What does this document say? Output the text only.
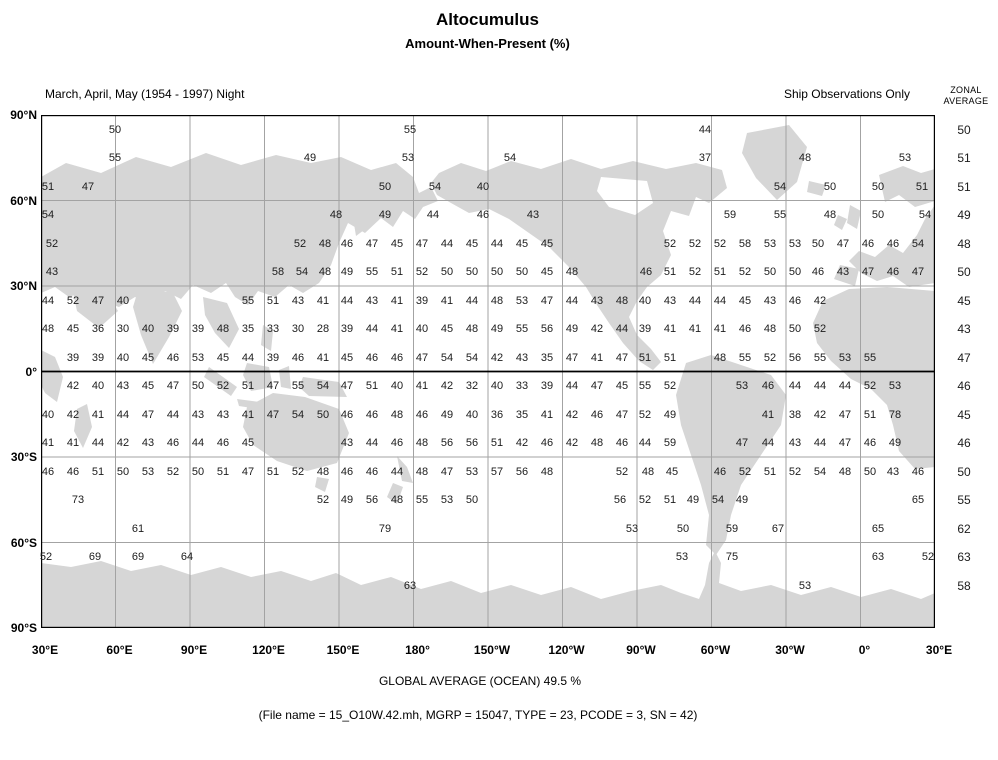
Altocumulus
Amount-When-Present (%)
March, April, May (1954 - 1997) Night	Ship Observations Only	ZONAL
AVERAGE
50	55	44
55	49	53	54	37	48	53
51	47	50	54	40	54	50	50	51
54	48	49	44	46	43	59	55	48	50	54
52	52 48 46 47 45 47 44 45 44 45 45	52 52 52 58 53 53 50 47 46 46 54
43	58 54 48 49 55 51 52 50 50 50 50 45 48	46 51 52 51 52 50 50 46 43 47 46 47
44 52 47 40	55 51 43 41 44 43 41 39 41 44 48 53 47 44 43 48 40 43 44 44 45 43 46 42
48 45 36 30 40 39 39 48 35 33 30 28 39 44 41 40 45 48 49 55 56 49 42 44 39 41 41 41 46 48 50 52
39 39 40 45 46 53 45 44 39 46 41 45 46 46 47 54 54 42 43 35 47 41 47 51 51	48 55 52 56 55 53 55
42 40 43 45 47 50 52 51 47 55 54 47 51 40 41 42 32 40 33 39 44 47 45 55 52	53 46 44 44 44 52 53
40 42 41 44 47 44 43 43 41 47 54 50 46 46 48 46 49 40 36 35 41 42 46 47 52 49	41 38 42 47 51 78
41 41 44 42 43 46 44 46 45	43 44 46 48 56 56 51 42 46 42 48 46 44 59	47 44 43 44 47 46 49
46 46 51 50 53 52 50 51 47 51 52 48 46 46 44 48 47 53 57 56 48	52 48 45	46 52 51 52 54 48 50 43 46
73	52 49 56 48 55 53 50	56 52 51 49 54 49	65
61	79	53	50	59	67	65
52	69	69	64	53	75	63	52
63	53
50
51
51
49
48
50
45
43
47
46
45
46
50
55
62
63
58
90°N
60°N
30°N
0°
30°S
60°S
90°S
30°E	60°E	90°E	120°E	150°E	180°	150°W	120°W	90°W	60°W	30°W	0°	30°E
GLOBAL AVERAGE (OCEAN) 49.5 %
(File name = 15_O10W.42.mh, MGRP = 15047, TYPE = 23, PCODE = 3, SN = 42)
